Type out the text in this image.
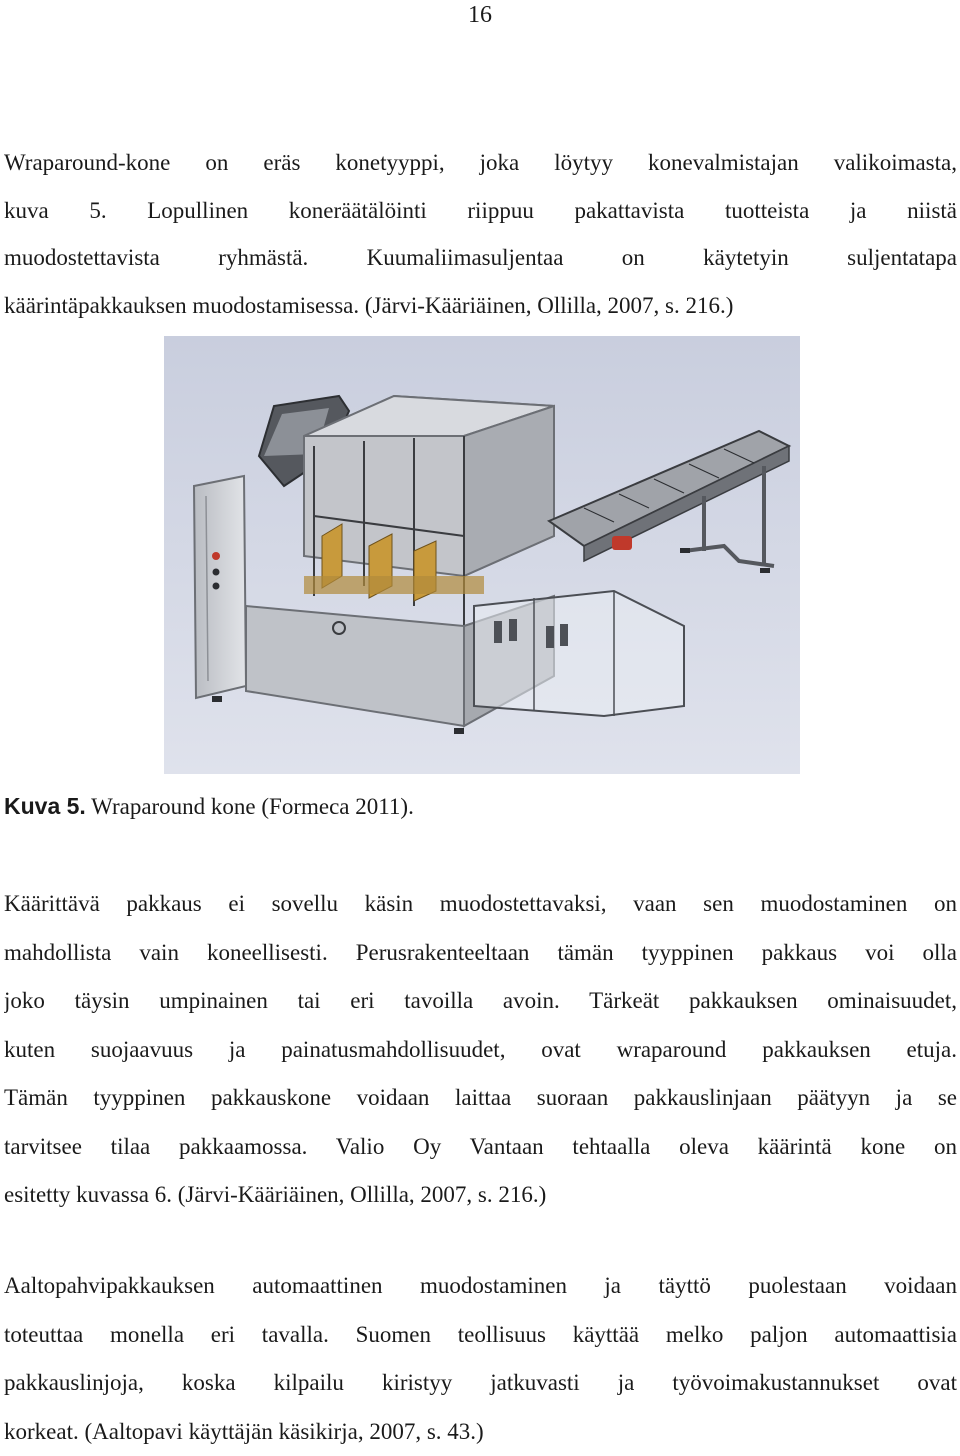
16

Wraparound-kone on eräs konetyyppi, joka löytyy konevalmistajan valikoimasta,
kuva 5. Lopullinen koneräätälöinti riippuu pakattavista tuotteista ja niistä
muodostettavista ryhmästä. Kuumaliimasuljentaa on käytetyin suljentatapa
käärintäpakkauksen muodostamisessa. (Järvi-Kääriäinen, Ollilla, 2007, s. 216.)

Kuva 5. Wraparound kone (Formeca 2011).

Käärittävä pakkaus ei sovellu käsin muodostettavaksi, vaan sen muodostaminen on
mahdollista vain koneellisesti. Perusrakenteeltaan tämän tyyppinen pakkaus voi olla
joko täysin umpinainen tai eri tavoilla avoin. Tärkeät pakkauksen ominaisuudet,
kuten suojaavuus ja painatusmahdollisuudet, ovat wraparound pakkauksen etuja.
Tämän tyyppinen pakkauskone voidaan laittaa suoraan pakkauslinjaan päätyyn ja se
tarvitsee tilaa pakkaamossa. Valio Oy Vantaan tehtaalla oleva käärintä kone on
esitetty kuvassa 6. (Järvi-Kääriäinen, Ollilla, 2007, s. 216.)

Aaltopahvipakkauksen automaattinen muodostaminen ja täyttö puolestaan voidaan
toteuttaa monella eri tavalla. Suomen teollisuus käyttää melko paljon automaattisia
pakkauslinjoja, koska kilpailu kiristyy jatkuvasti ja työvoimakustannukset ovat
korkeat. (Aaltopavi käyttäjän käsikirja, 2007, s. 43.)
